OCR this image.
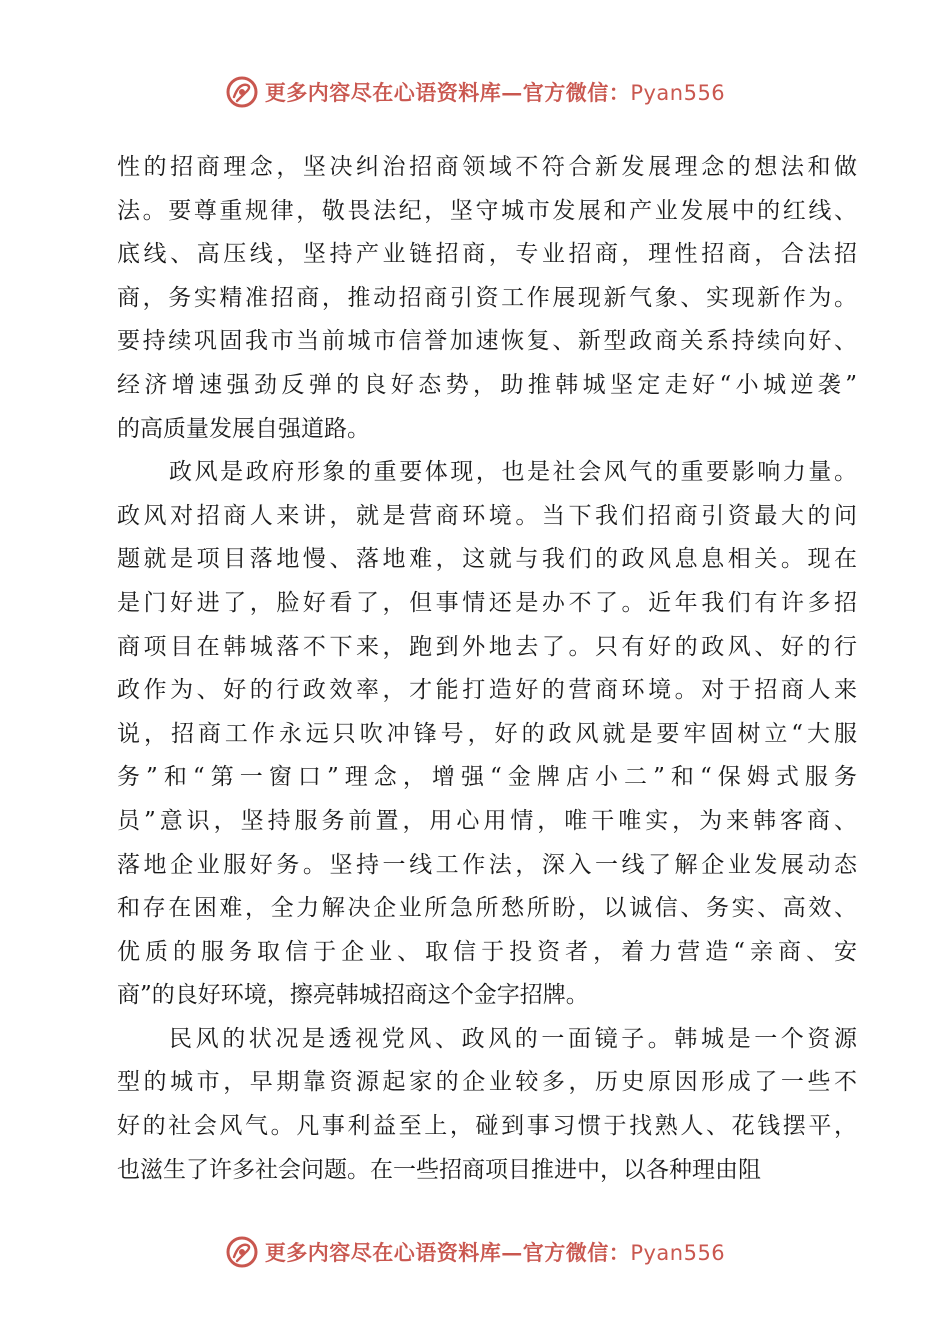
更多内容尽在心语资料库—官方微信：Pyan556
性的招商理念，坚决纠治招商领域不符合新发展理念的想法和做
法。要尊重规律，敬畏法纪，坚守城市发展和产业发展中的红线、
底线、高压线，坚持产业链招商，专业招商，理性招商，合法招
商，务实精准招商，推动招商引资工作展现新气象、实现新作为。
要持续巩固我市当前城市信誉加速恢复、新型政商关系持续向好、
经济增速强劲反弹的良好态势，助推韩城坚定走好“小城逆袭”
的高质量发展自强道路。
政风是政府形象的重要体现，也是社会风气的重要影响力量。
政风对招商人来讲，就是营商环境。当下我们招商引资最大的问
题就是项目落地慢、落地难，这就与我们的政风息息相关。现在
是门好进了，脸好看了，但事情还是办不了。近年我们有许多招
商项目在韩城落不下来，跑到外地去了。只有好的政风、好的行
政作为、好的行政效率，才能打造好的营商环境。对于招商人来
说，招商工作永远只吹冲锋号，好的政风就是要牢固树立“大服
务”和“第一窗口”理念，增强“金牌店小二”和“保姆式服务
员”意识，坚持服务前置，用心用情，唯干唯实，为来韩客商、
落地企业服好务。坚持一线工作法，深入一线了解企业发展动态
和存在困难，全力解决企业所急所愁所盼，以诚信、务实、高效、
优质的服务取信于企业、取信于投资者，着力营造“亲商、安
商”的良好环境，擦亮韩城招商这个金字招牌。
民风的状况是透视党风、政风的一面镜子。韩城是一个资源
型的城市，早期靠资源起家的企业较多，历史原因形成了一些不
好的社会风气。凡事利益至上，碰到事习惯于找熟人、花钱摆平，
也滋生了许多社会问题。在一些招商项目推进中，以各种理由阻
更多内容尽在心语资料库—官方微信：Pyan556
